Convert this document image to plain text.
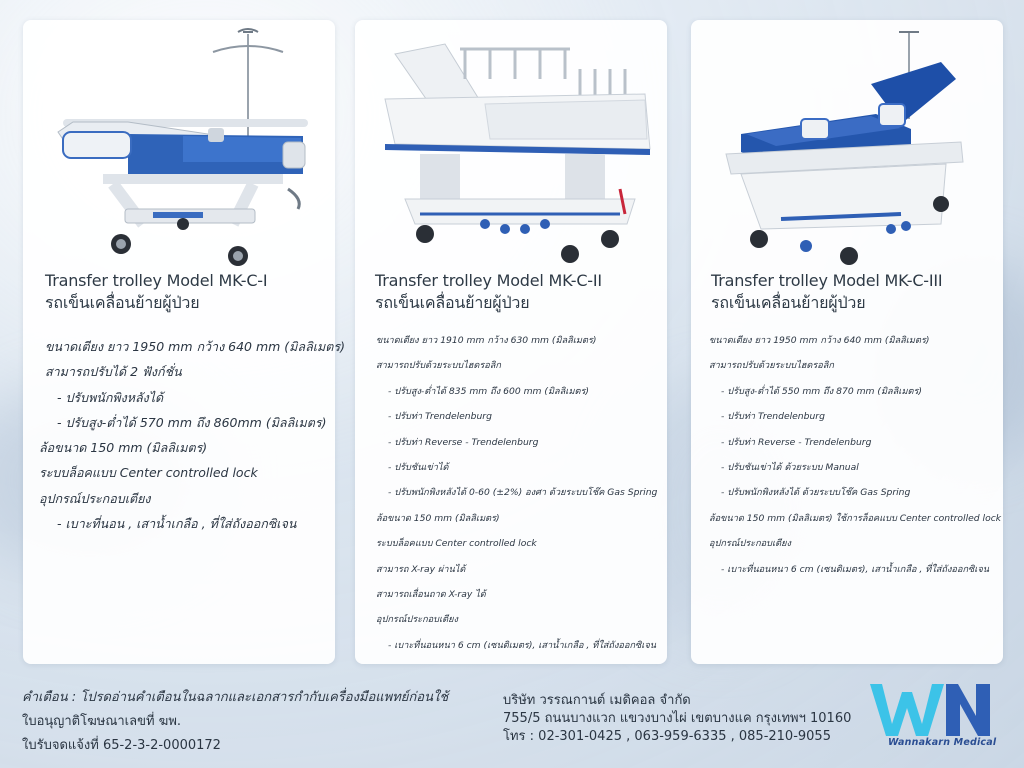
Transfer trolley Model MK-C-I
รถเข็นเคลื่อนย้ายผู้ป่วย
ขนาดเตียง ยาว 1950 mm กว้าง 640 mm (มิลลิเมตร)
สามารถปรับได้ 2 ฟังก์ชั่น
- ปรับพนักพิงหลังได้
- ปรับสูง-ต่ำได้ 570 mm ถึง 860mm (มิลลิเมตร)
ล้อขนาด 150 mm (มิลลิเมตร)
ระบบล็อคแบบ Center controlled lock
อุปกรณ์ประกอบเตียง
- เบาะที่นอน , เสาน้ำเกลือ , ที่ใส่ถังออกซิเจน
Transfer trolley Model MK-C-II
รถเข็นเคลื่อนย้ายผู้ป่วย
ขนาดเตียง ยาว 1910 mm กว้าง 630 mm (มิลลิเมตร)
สามารถปรับด้วยระบบไฮดรอลิก
- ปรับสูง-ต่ำได้ 835 mm ถึง 600 mm (มิลลิเมตร)
- ปรับท่า Trendelenburg
- ปรับท่า Reverse - Trendelenburg
- ปรับชันเข่าได้
- ปรับพนักพิงหลังได้ 0-60 (±2%) องศา ด้วยระบบโช๊ค Gas Spring
ล้อขนาด 150 mm (มิลลิเมตร)
ระบบล็อคแบบ Center controlled lock
สามารถ X-ray ผ่านได้
สามารถเลื่อนถาด X-ray ได้
อุปกรณ์ประกอบเตียง
- เบาะที่นอนหนา 6 cm (เซนติเมตร), เสาน้ำเกลือ , ที่ใส่ถังออกซิเจน
Transfer trolley Model MK-C-III
รถเข็นเคลื่อนย้ายผู้ป่วย
ขนาดเตียง ยาว 1950 mm กว้าง 640 mm (มิลลิเมตร)
สามารถปรับด้วยระบบไฮดรอลิก
- ปรับสูง-ต่ำได้ 550 mm ถึง 870 mm (มิลลิเมตร)
- ปรับท่า Trendelenburg
- ปรับท่า Reverse - Trendelenburg
- ปรับชันเข่าได้ ด้วยระบบ Manual
- ปรับพนักพิงหลังได้ ด้วยระบบโช๊ค Gas Spring
ล้อขนาด 150 mm (มิลลิเมตร) ใช้การล็อคแบบ Center controlled lock
อุปกรณ์ประกอบเตียง
- เบาะที่นอนหนา 6 cm (เซนติเมตร), เสาน้ำเกลือ , ที่ใส่ถังออกซิเจน
คำเตือน : โปรดอ่านคำเตือนในฉลากและเอกสารกำกับเครื่องมือแพทย์ก่อนใช้
ใบอนุญาติโฆษณาเลขที่ ฆพ.
ใบรับจดแจ้งที่ 65-2-3-2-0000172
บริษัท วรรณกานต์ เมดิคอล จำกัด
755/5 ถนนบางแวก แขวงบางไผ่ เขตบางแค กรุงเทพฯ 10160
โทร : 02-301-0425 , 063-959-6335 , 085-210-9055	Wannakarn Medical
